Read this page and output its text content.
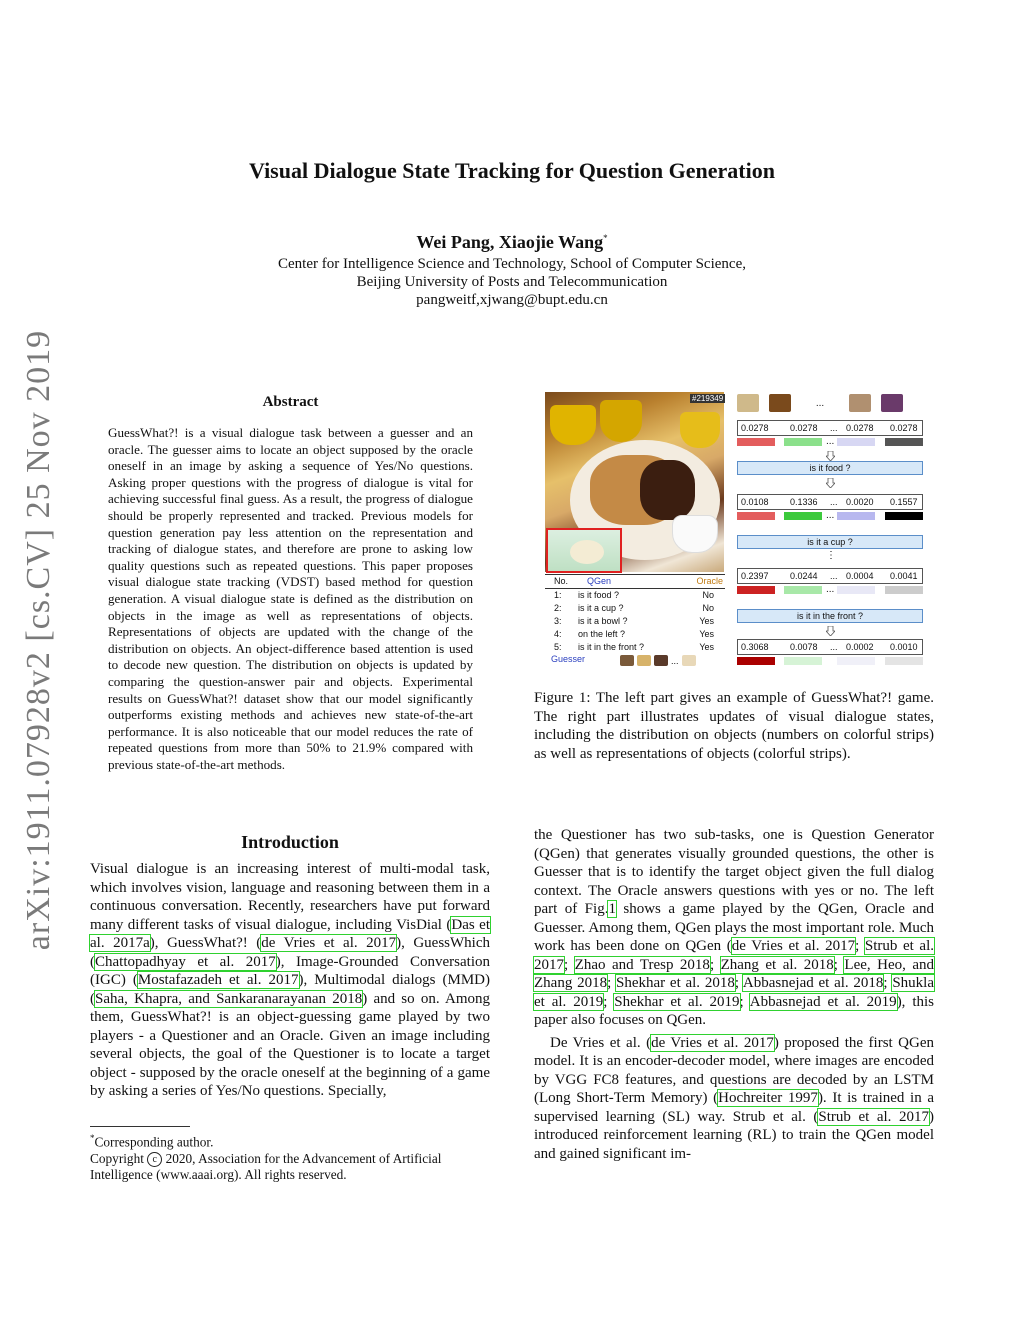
Visual Dialogue State Tracking for Question Generation
Wei Pang, Xiaojie Wang*
Center for Intelligence Science and Technology, School of Computer Science,
Beijing University of Posts and Telecommunication
pangweitf,xjwang@bupt.edu.cn
arXiv:1911.07928v2 [cs.CV] 25 Nov 2019	Abstract
GuessWhat?! is a visual dialogue task between a guesser and an oracle. The guesser aims to locate an object supposed by the oracle oneself in an image by asking a sequence of Yes/No questions. Asking proper questions with the progress of dialogue is vital for achieving successful final guess. As a result, the progress of dialogue should be properly represented and tracked. Previous models for question generation pay less attention on the representation and tracking of dialogue states, and therefore are prone to asking low quality questions such as repeated questions. This paper proposes visual dialogue state tracking (VDST) based method for question generation. A visual dialogue state is defined as the distribution on objects in the image as well as representations of objects. Representations of objects are updated with the change of the distribution on objects. An object-difference based attention is used to decode new question. The distribution on objects is updated by comparing the question-answer pair and objects. Experimental results on GuessWhat?! dataset show that our model significantly outperforms existing methods and achieves new state-of-the-art performance. It is also noticeable that our model reduces the rate of repeated questions from more than 50% to 21.9% compared with previous state-of-the-art methods.
Introduction
Visual dialogue is an increasing interest of multi-modal task, which involves vision, language and reasoning between them in a continuous conversation. Recently, researchers have put forward many different tasks of visual dialogue, including VisDial (Das et al. 2017a), GuessWhat?! (de Vries et al. 2017), GuessWhich (Chattopadhyay et al. 2017), Image-Grounded Conversation (IGC) (Mostafazadeh et al. 2017), Multimodal dialogs (MMD) (Saha, Khapra, and Sankaranarayanan 2018) and so on. Among them, GuessWhat?! is an object-guessing game played by two players - a Questioner and an Oracle. Given an image including several objects, the goal of the Questioner is to locate a target object - supposed by the oracle oneself at the beginning of a game by asking a series of Yes/No questions. Specially,
*Corresponding author.
Copyright c 2020, Association for the Advancement of Artificial Intelligence (www.aaai.org). All rights reserved.

the Questioner has two sub-tasks, one is Question Generator (QGen) that generates visually grounded questions, the other is Guesser that is to identify the target object given the full dialog context. The Oracle answers questions with yes or no. The left part of Fig.1 shows a game played by the QGen, Oracle and Guesser. Among them, QGen plays the most important role. Much work has been done on QGen (de Vries et al. 2017; Strub et al. 2017; Zhao and Tresp 2018; Zhang et al. 2018; Lee, Heo, and Zhang 2018; Shekhar et al. 2018; Abbasnejad et al. 2018; Shukla et al. 2019; Shekhar et al. 2019; Abbasnejad et al. 2019), this paper also focuses on QGen.

De Vries et al. (de Vries et al. 2017) proposed the first QGen model. It is an encoder-decoder model, where images are encoded by VGG FC8 features, and questions are decoded by an LSTM (Long Short-Term Memory) (Hochreiter 1997). It is trained in a supervised learning (SL) way. Strub et al. (Strub et al. 2017) introduced reinforcement learning (RL) to train the QGen model and gained significant im-

#219349
No. QGen	Oracle
1: is it food ?	No
2: is it a cup ?	No
3: is it a bowl ?	Yes
4: on the left ?	Yes
5: is it in the front ?	Yes
Guesser	...
...
0.0278 0.0278 ... 0.0278 0.0278
...
is it food ?
0.0108 0.1336 ... 0.0020 0.1557
...
is it a cup ?
⋮
0.2397 0.0244 ... 0.0004 0.0041
...
is it in the front ?
0.3068 0.0078 ... 0.0002 0.0010
Figure 1: The left part gives an example of GuessWhat?! game. The right part illustrates updates of visual dialogue states, including the distribution on objects (numbers on colorful strips) as well as representations of objects (colorful strips).
